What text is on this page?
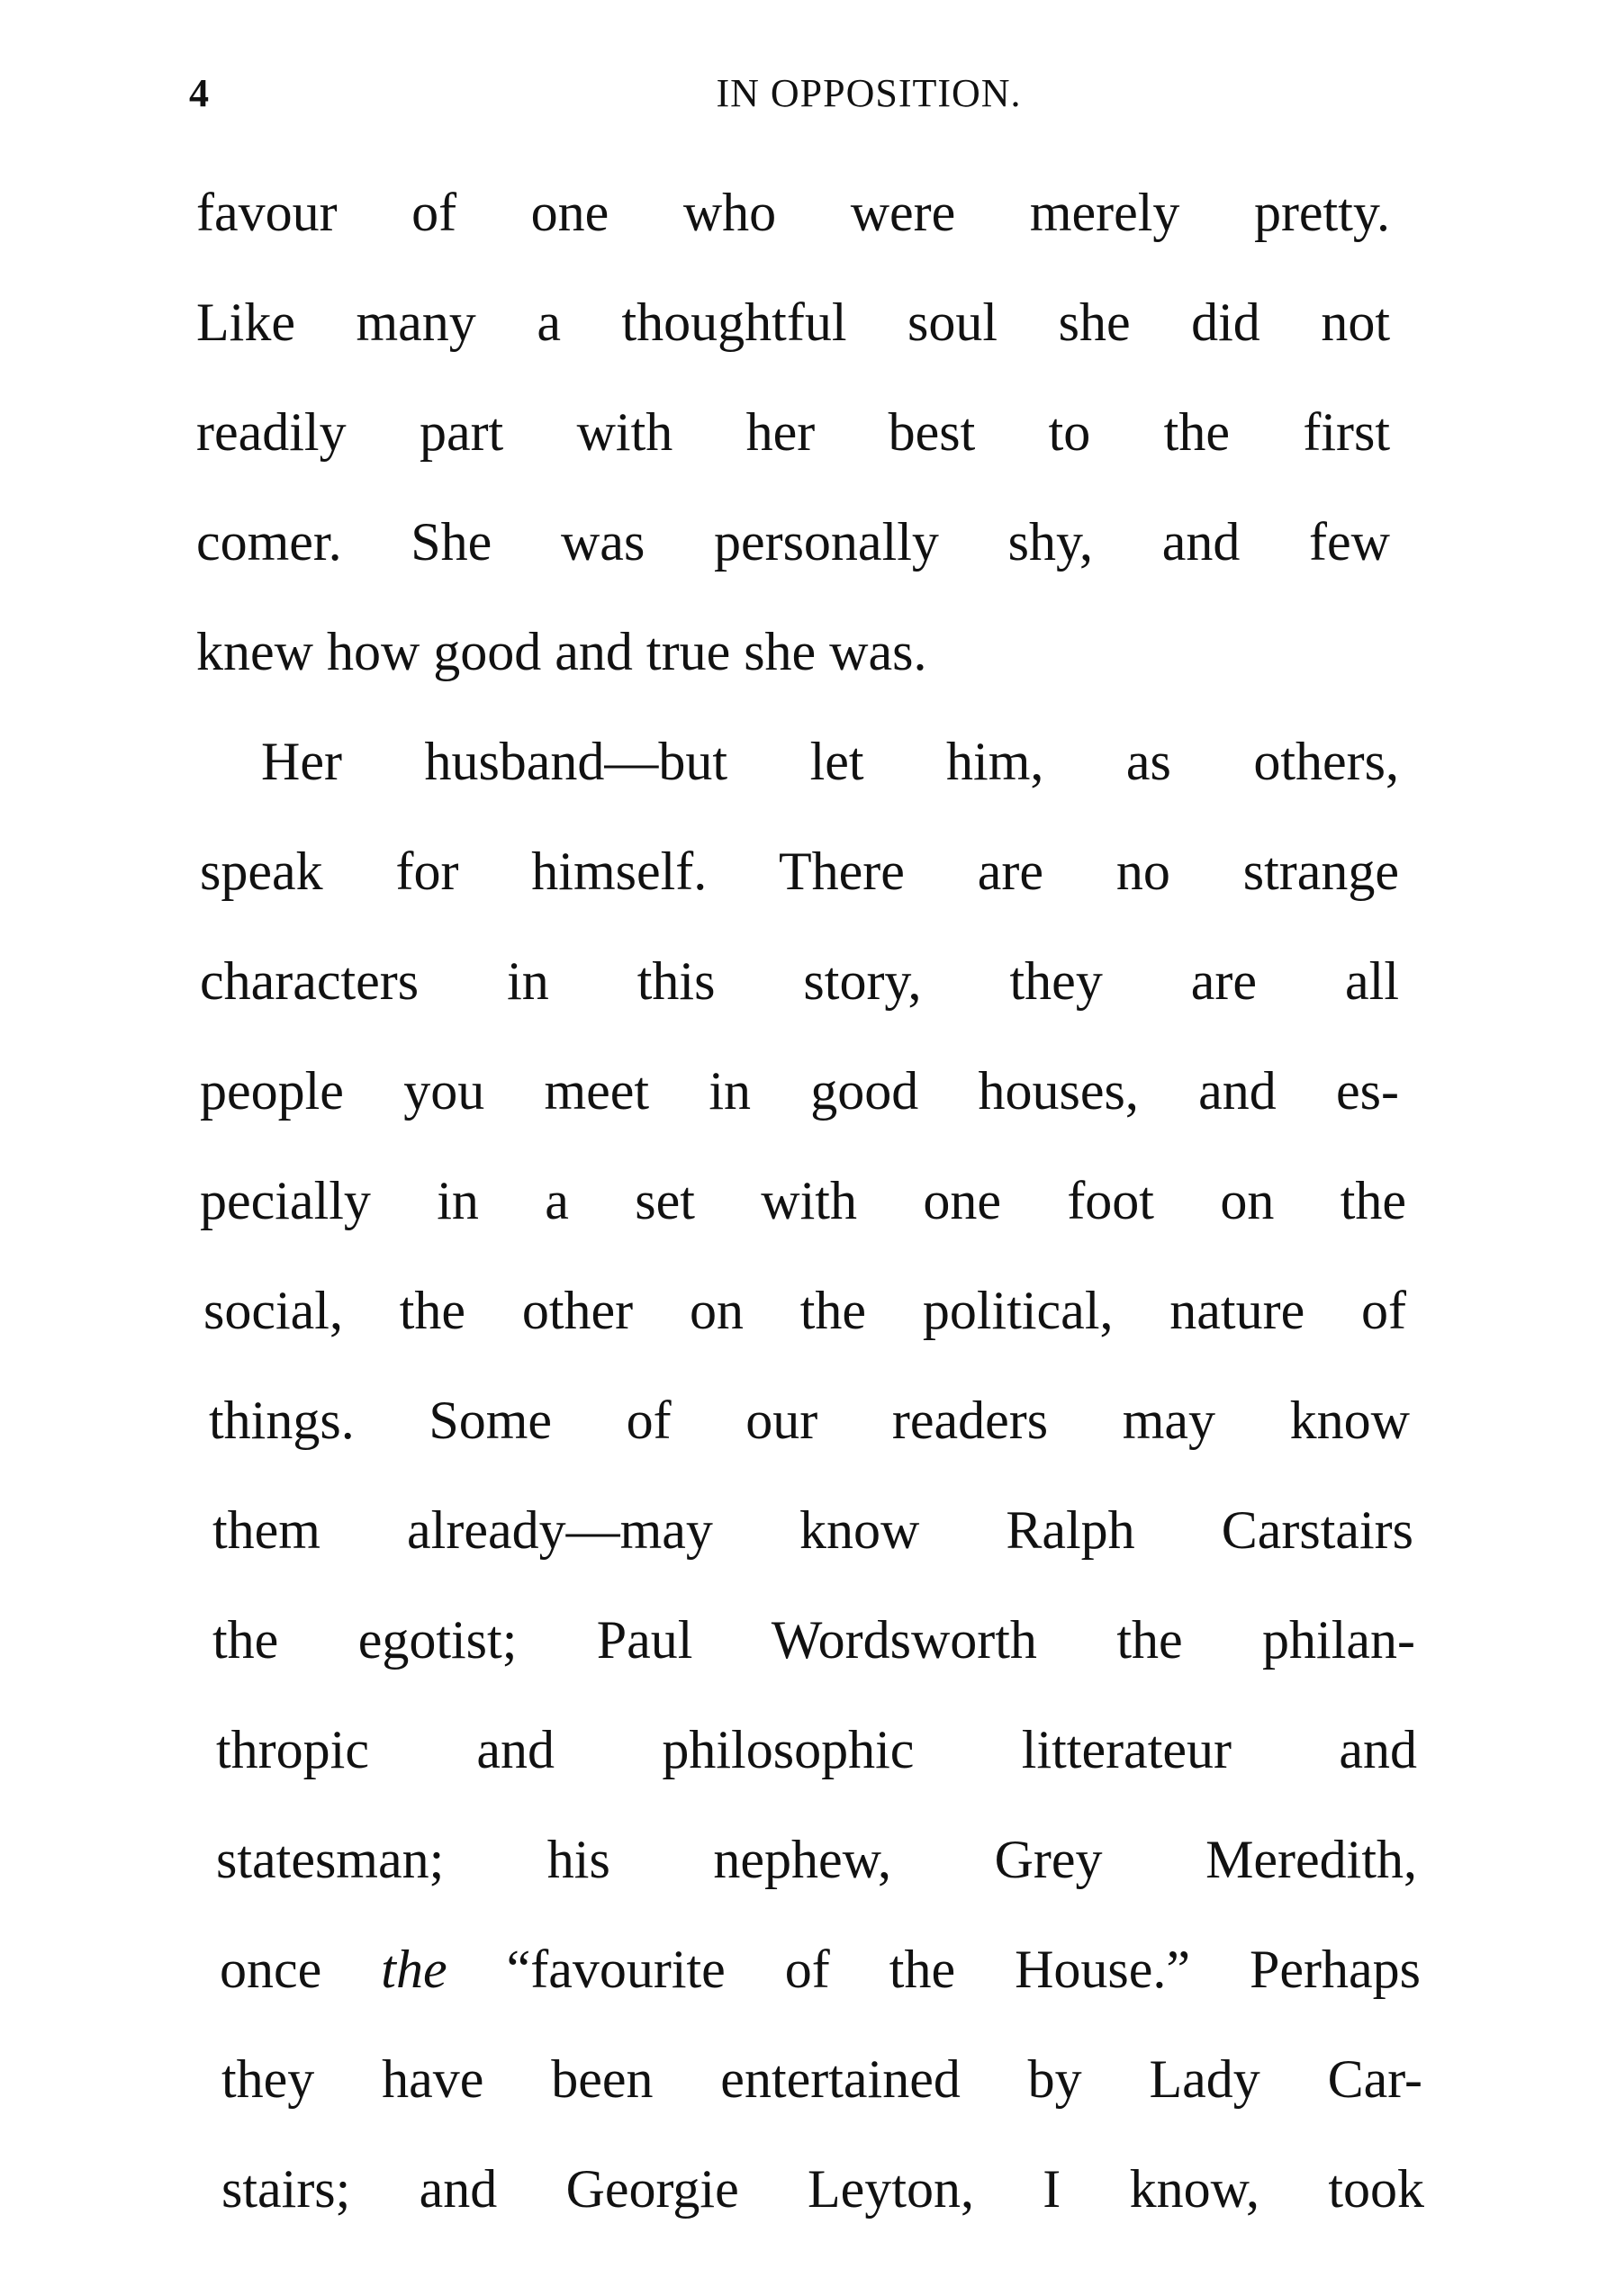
4	IN OPPOSITION.
favour of one who were merely pretty.
Like many a thoughtful soul she did not
readily part with her best to the first
comer. She was personally shy, and few
knew how good and true she was.
Her husband—but let him, as others,
speak for himself. There are no strange
characters in this story, they are all
people you meet in good houses, and es-
pecially in a set with one foot on the
social, the other on the political, nature of
things. Some of our readers may know
them already—may know Ralph Carstairs
the egotist; Paul Wordsworth the philan-
thropic and philosophic litterateur and
statesman; his nephew, Grey Meredith,
once the “favourite of the House.” Perhaps
they have been entertained by Lady Car-
stairs; and Georgie Leyton, I know, took
